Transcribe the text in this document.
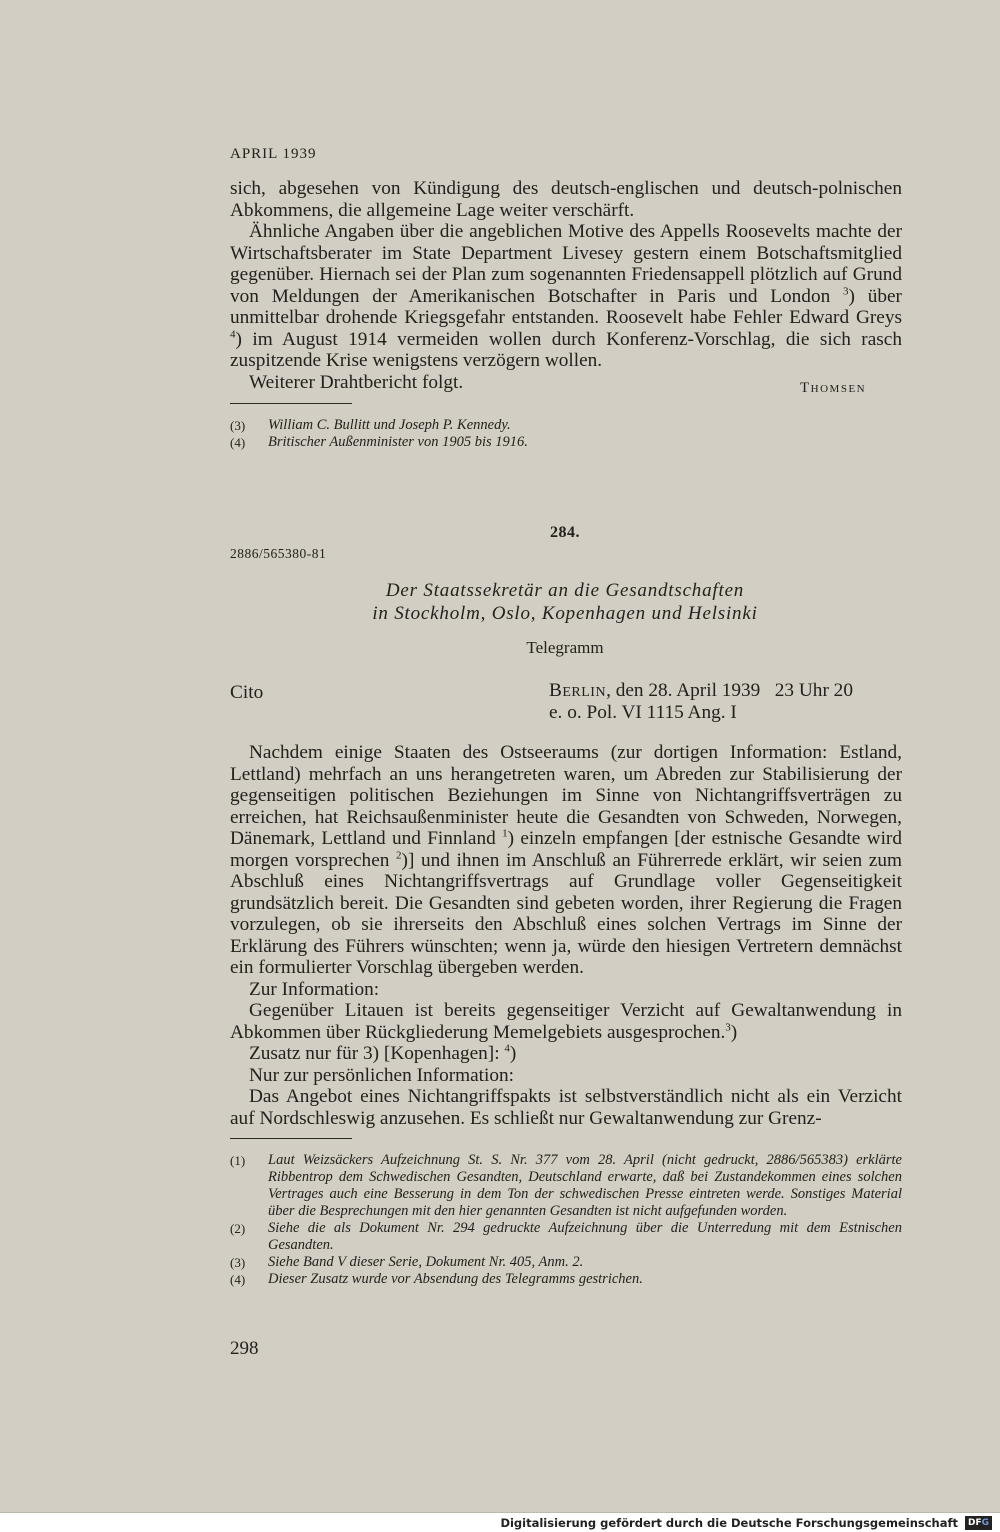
APRIL 1939

sich, abgesehen von Kündigung des deutsch-englischen und deutsch-polnischen Abkommens, die allgemeine Lage weiter verschärft.

Ähnliche Angaben über die angeblichen Motive des Appells Roosevelts machte der Wirtschaftsberater im State Department Livesey gestern einem Botschaftsmitglied gegenüber. Hiernach sei der Plan zum sogenannten Friedensappell plötzlich auf Grund von Meldungen der Amerikanischen Botschafter in Paris und London $^3$) über unmittelbar drohende Kriegsgefahr entstanden. Roosevelt habe Fehler Edward Greys $^4$) im August 1914 vermeiden wollen durch Konferenz-Vorschlag, die sich rasch zuspitzende Krise wenigstens verzögern wollen.

Weiterer Drahtbericht folgt.	Thomsen
(3)	William C. Bullitt und Joseph P. Kennedy.
(4)	Britischer Außenminister von 1905 bis 1916.
284.
2886/565380-81
Der Staatssekretär an die Gesandtschaften
in Stockholm, Oslo, Kopenhagen und Helsinki
Telegramm
Cito	Berlin, den 28. April 1939   23 Uhr 20
e. o. Pol. VI 1115 Ang. I

Nachdem einige Staaten des Ostseeraums (zur dortigen Information: Estland, Lettland) mehrfach an uns herangetreten waren, um Abreden zur Stabilisierung der gegenseitigen politischen Beziehungen im Sinne von Nichtangriffsverträgen zu erreichen, hat Reichsaußenminister heute die Gesandten von Schweden, Norwegen, Dänemark, Lettland und Finnland $^1$) einzeln empfangen [der estnische Gesandte wird morgen vorsprechen $^2$)] und ihnen im Anschluß an Führerrede erklärt, wir seien zum Abschluß eines Nichtangriffsvertrags auf Grundlage voller Gegenseitigkeit grundsätzlich bereit. Die Gesandten sind gebeten worden, ihrer Regierung die Fragen vorzulegen, ob sie ihrerseits den Abschluß eines solchen Vertrags im Sinne der Erklärung des Führers wünschten; wenn ja, würde den hiesigen Vertretern demnächst ein formulierter Vorschlag übergeben werden.

Zur Information:

Gegenüber Litauen ist bereits gegenseitiger Verzicht auf Gewaltanwendung in Abkommen über Rückgliederung Memelgebiets ausgesprochen.$^3$)

Zusatz nur für 3) [Kopenhagen]: $^4$)

Nur zur persönlichen Information:

Das Angebot eines Nichtangriffspakts ist selbstverständlich nicht als ein Verzicht auf Nordschleswig anzusehen. Es schließt nur Gewaltanwendung zur Grenz-

(1)	Laut Weizsäckers Aufzeichnung St. S. Nr. 377 vom 28. April (nicht gedruckt, 2886/565383) erklärte Ribbentrop dem Schwedischen Gesandten, Deutschland erwarte, daß bei Zustandekommen eines solchen Vertrages auch eine Besserung in dem Ton der schwedischen Presse eintreten werde. Sonstiges Material über die Besprechungen mit den hier genannten Gesandten ist nicht aufgefunden worden.
(2)	Siehe die als Dokument Nr. 294 gedruckte Aufzeichnung über die Unterredung mit dem Estnischen Gesandten.
(3)	Siehe Band V dieser Serie, Dokument Nr. 405, Anm. 2.
(4)	Dieser Zusatz wurde vor Absendung des Telegramms gestrichen.
298
Digitalisierung gefördert durch die Deutsche Forschungsgemeinschaft	DFG
